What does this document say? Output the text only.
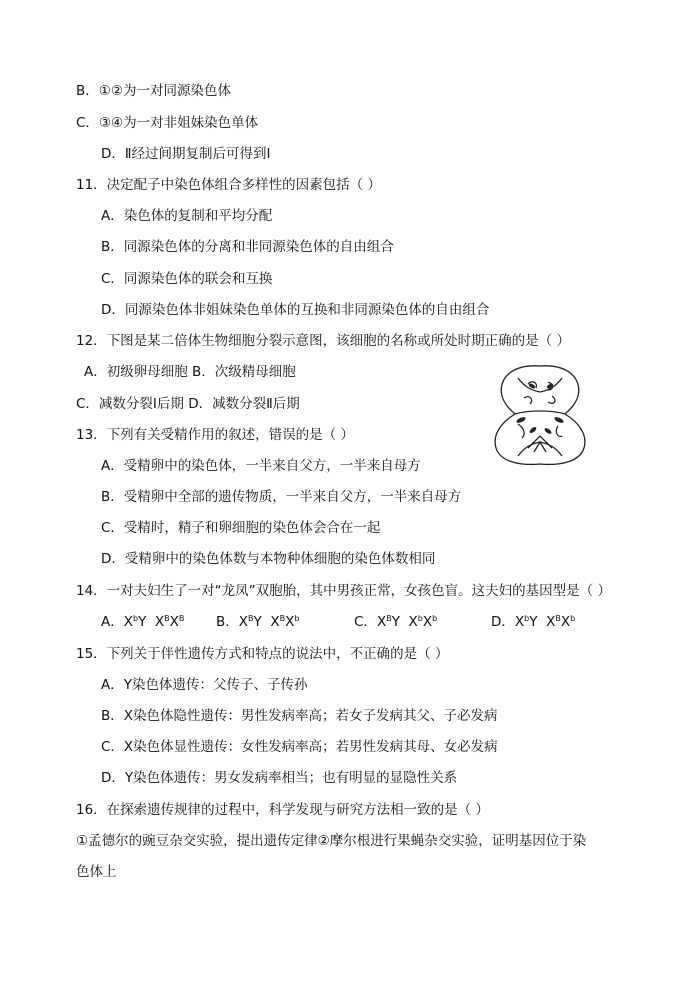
B．①②为一对同源染色体
C．③④为一对非姐妹染色单体
D．Ⅱ经过间期复制后可得到Ⅰ
11．决定配子中染色体组合多样性的因素包括（ ）
A．染色体的复制和平均分配
B．同源染色体的分离和非同源染色体的自由组合
C．同源染色体的联会和互换
D．同源染色体非姐妹染色单体的互换和非同源染色体的自由组合
12．下图是某二倍体生物细胞分裂示意图，该细胞的名称或所处时期正确的是（ ）
A．初级卵母细胞 B．次级精母细胞
C．减数分裂Ⅰ后期 D．减数分裂Ⅱ后期
13．下列有关受精作用的叙述，错误的是（ ）
A．受精卵中的染色体，一半来自父方，一半来自母方
B．受精卵中全部的遗传物质，一半来自父方，一半来自母方
C．受精时，精子和卵细胞的染色体会合在一起
D．受精卵中的染色体数与本物种体细胞的染色体数相同
14．一对夫妇生了一对“龙凤”双胞胎，其中男孩正常，女孩色盲。这夫妇的基因型是（ ）
A．$X^bY$ $X^BX^B$ B．$X^BY$ $X^BX^b$	C．$X^BY$ $X^bX^b$	D．$X^bY$ $X^BX^b$
15．下列关于伴性遗传方式和特点的说法中，不正确的是（ ）
A．Y染色体遗传：父传子、子传孙
B．X染色体隐性遗传：男性发病率高；若女子发病其父、子必发病
C．X染色体显性遗传：女性发病率高；若男性发病其母、女必发病
D．Y染色体遗传：男女发病率相当；也有明显的显隐性关系
16．在探索遗传规律的过程中，科学发现与研究方法相一致的是（ ）
①孟德尔的豌豆杂交实验，提出遗传定律②摩尔根进行果蝇杂交实验，证明基因位于染
色体上
